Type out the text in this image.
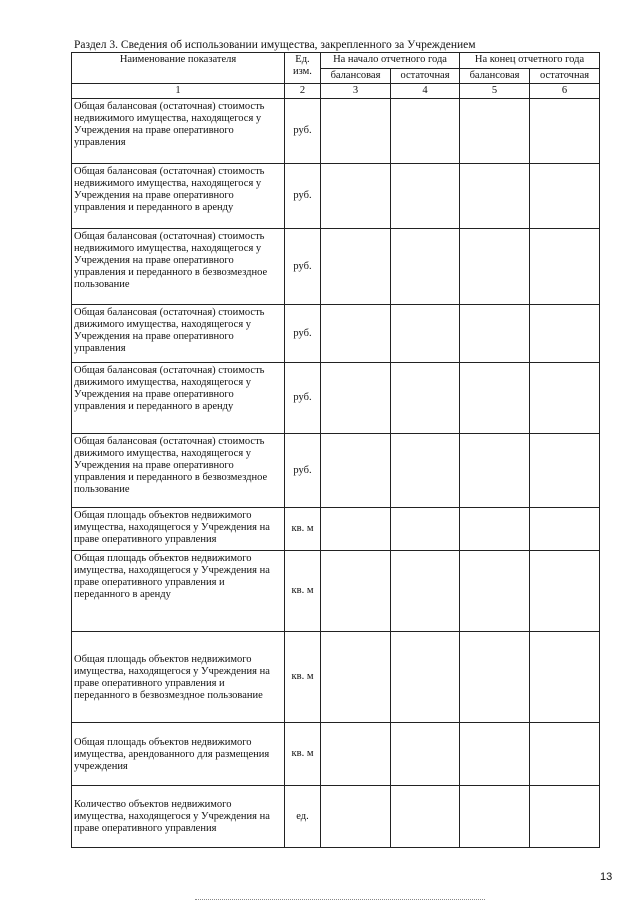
Раздел 3. Сведения об использовании имущества, закрепленного за Учреждением
Наименование показателя	Ед. изм.	На начало отчетного года		На конец отчетного года	
		балансовая	остаточная	балансовая	остаточная
1	2	3	4	5	6
Общая балансовая (остаточная) стоимость недвижимого имущества, находящегося у Учреждения на праве оперативного управления	руб.				
Общая балансовая (остаточная) стоимость недвижимого имущества, находящегося у Учреждения на праве оперативного управления и переданного в аренду	руб.				
Общая балансовая (остаточная) стоимость недвижимого имущества, находящегося у Учреждения на праве оперативного управления и переданного в безвозмездное пользование	руб.				
Общая балансовая (остаточная) стоимость движимого имущества, находящегося у Учреждения на праве оперативного управления	руб.				
Общая балансовая (остаточная) стоимость движимого имущества, находящегося у Учреждения на праве оперативного управления и переданного в аренду	руб.				
Общая балансовая (остаточная) стоимость движимого имущества, находящегося у Учреждения на праве оперативного управления и переданного в безвозмездное пользование	руб.				
Общая площадь объектов недвижимого имущества, находящегося у Учреждения на праве оперативного управления	кв. м				
Общая площадь объектов недвижимого имущества, находящегося у Учреждения на праве оперативного управления и переданного в аренду	кв. м				
Общая площадь объектов недвижимого имущества, находящегося у Учреждения на праве оперативного управления и переданного в безвозмездное пользование	кв. м				
Общая площадь объектов недвижимого имущества, арендованного для размещения учреждения	кв. м				
Количество объектов недвижимого имущества, находящегося у Учреждения на праве оперативного управления	ед.				
13
